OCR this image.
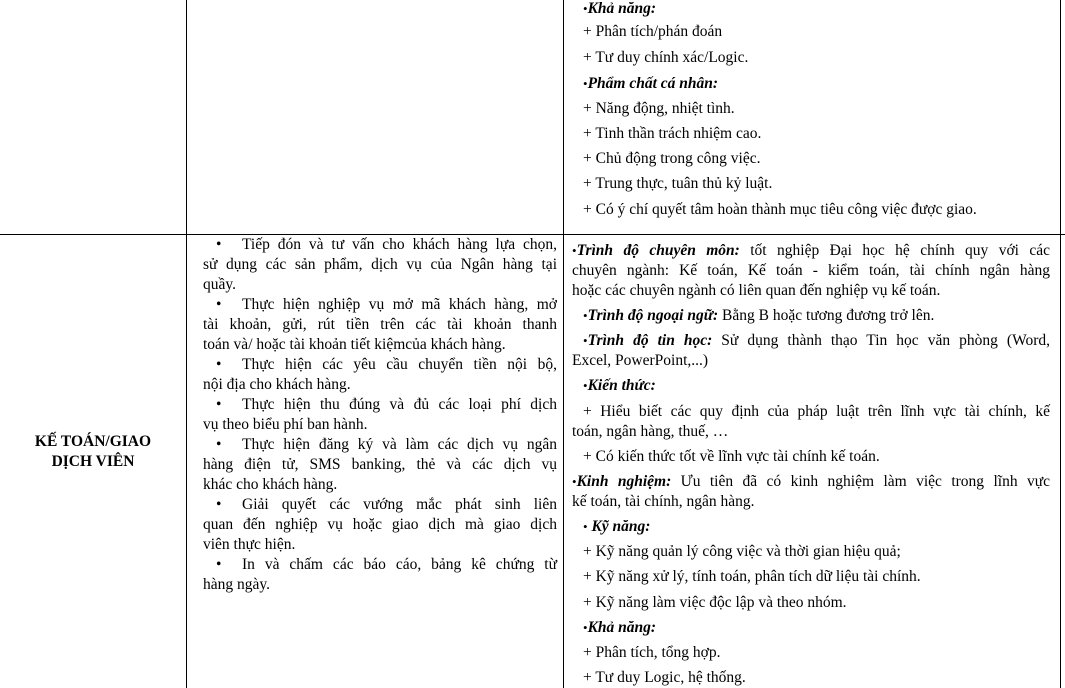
•Khả năng:
+ Phân tích/phán đoán
+ Tư duy chính xác/Logic.
•Phẩm chất cá nhân:
+ Năng động, nhiệt tình.
+ Tinh thần trách nhiệm cao.
+ Chủ động trong công việc.
+ Trung thực, tuân thủ kỷ luật.
+ Có ý chí quyết tâm hoàn thành mục tiêu công việc được giao.
KẾ TOÁN/GIAO
DỊCH VIÊN
• Tiếp đón và tư vấn cho khách hàng lựa chọn,
sử dụng các sản phẩm, dịch vụ của Ngân hàng tại
quầy.
• Thực hiện nghiệp vụ mở mã khách hàng, mở
tài khoản, gửi, rút tiền trên các tài khoản thanh
toán và/ hoặc tài khoản tiết kiệmcủa khách hàng.
• Thực hiện các yêu cầu chuyển tiền nội bộ,
nội địa cho khách hàng.
• Thực hiện thu đúng và đủ các loại phí dịch
vụ theo biểu phí ban hành.
• Thực hiện đăng ký và làm các dịch vụ ngân
hàng điện tử, SMS banking, thẻ và các dịch vụ
khác cho khách hàng.
• Giải quyết các vướng mắc phát sinh liên
quan đến nghiệp vụ hoặc giao dịch mà giao dịch
viên thực hiện.
• In và chấm các báo cáo, bảng kê chứng từ
hàng ngày.
•Trình độ chuyên môn: tốt nghiệp Đại học hệ chính quy với các
chuyên ngành: Kế toán, Kế toán - kiểm toán, tài chính ngân hàng
hoặc các chuyên ngành có liên quan đến nghiệp vụ kế toán.
•Trình độ ngoại ngữ: Bằng B hoặc tương đương trở lên.
•Trình độ tin học: Sử dụng thành thạo Tin học văn phòng (Word,
Excel, PowerPoint,...)
•Kiến thức:
+ Hiểu biết các quy định của pháp luật trên lĩnh vực tài chính, kế
toán, ngân hàng, thuế, …
+ Có kiến thức tốt về lĩnh vực tài chính kế toán.
•Kinh nghiệm: Ưu tiên đã có kinh nghiệm làm việc trong lĩnh vực
kế toán, tài chính, ngân hàng.
• Kỹ năng:
+ Kỹ năng quản lý công việc và thời gian hiệu quả;
+ Kỹ năng xử lý, tính toán, phân tích dữ liệu tài chính.
+ Kỹ năng làm việc độc lập và theo nhóm.
•Khả năng:
+ Phân tích, tổng hợp.
+ Tư duy Logic, hệ thống.
